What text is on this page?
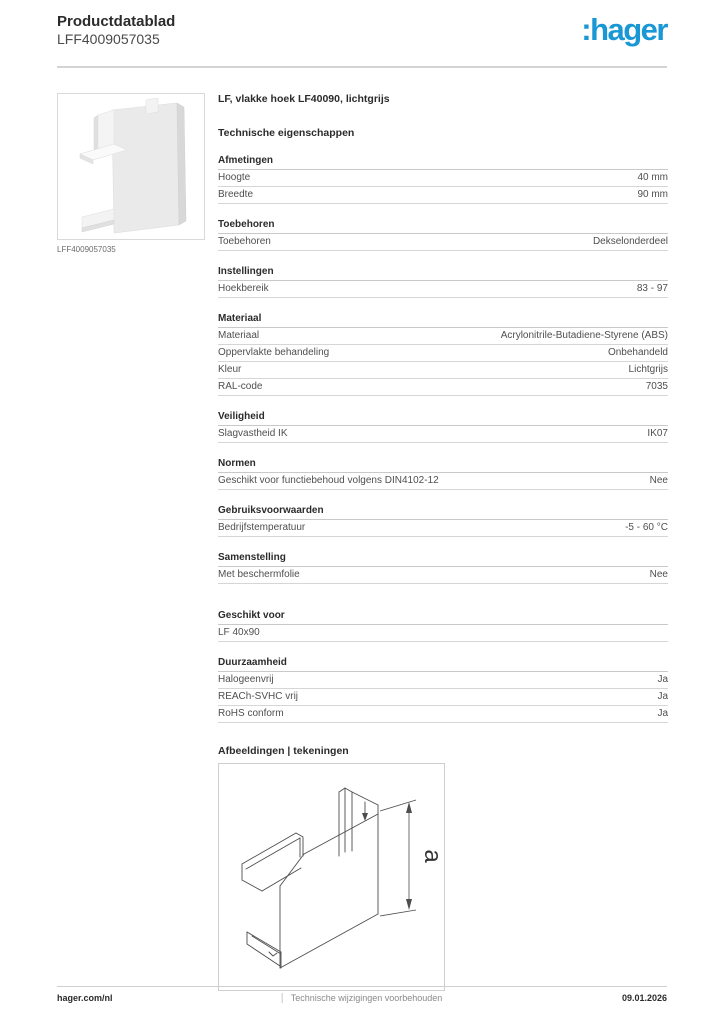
Productdatablad
LFF4009057035	:hager
LFF4009057035
LF, vlakke hoek LF40090, lichtgrijs
Technische eigenschappen
Afmetingen
Hoogte	40 mm
Breedte	90 mm
Toebehoren
Toebehoren	Dekselonderdeel
Instellingen
Hoekbereik	83 - 97
Materiaal
Materiaal	Acrylonitrile-Butadiene-Styrene (ABS)
Oppervlakte behandeling	Onbehandeld
Kleur	Lichtgrijs
RAL-code	7035
Veiligheid
Slagvastheid IK	IK07
Normen
Geschikt voor functiebehoud volgens DIN4102-12	Nee
Gebruiksvoorwaarden
Bedrijfstemperatuur	-5 - 60 °C
Samenstelling
Met beschermfolie	Nee
Geschikt voor
LF 40x90
Duurzaamheid
Halogeenvrij	Ja
REACh-SVHC vrij	Ja
RoHS conform	Ja
Afbeeldingen | tekeningen
a
hager.com/nl	Technische wijzigingen voorbehouden	09.01.2026
